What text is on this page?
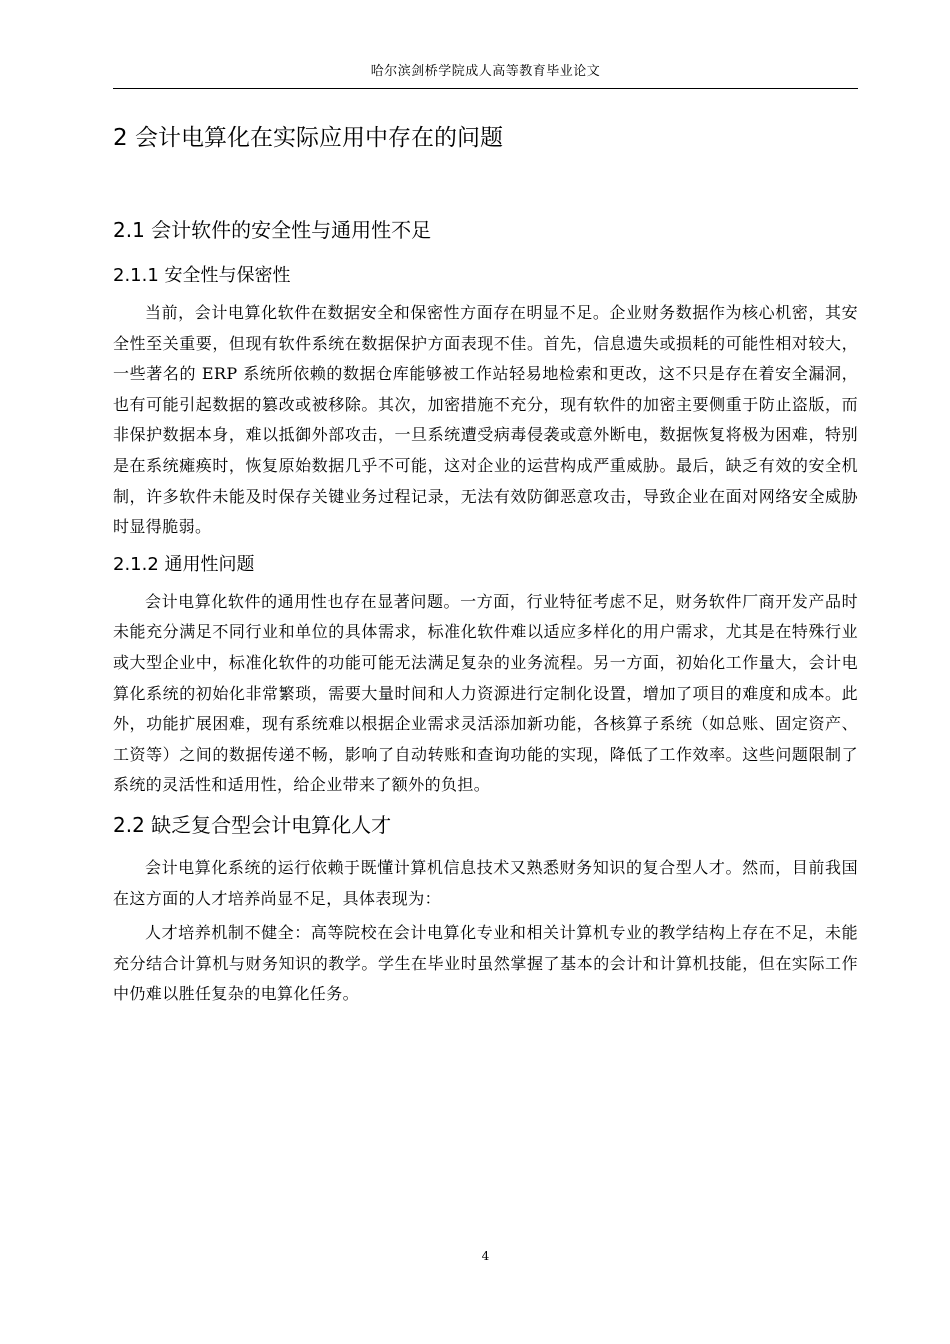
哈尔滨剑桥学院成人高等教育毕业论文
2 会计电算化在实际应用中存在的问题
2.1 会计软件的安全性与通用性不足
2.1.1 安全性与保密性

当前，会计电算化软件在数据安全和保密性方面存在明显不足。企业财务数据作为核心机密，其安全性至关重要，但现有软件系统在数据保护方面表现不佳。首先，信息遗失或损耗的可能性相对较大，一些著名的 ERP 系统所依赖的数据仓库能够被工作站轻易地检索和更改，这不只是存在着安全漏洞，也有可能引起数据的篡改或被移除。其次，加密措施不充分，现有软件的加密主要侧重于防止盗版，而非保护数据本身，难以抵御外部攻击，一旦系统遭受病毒侵袭或意外断电，数据恢复将极为困难，特别是在系统瘫痪时，恢复原始数据几乎不可能，这对企业的运营构成严重威胁。最后，缺乏有效的安全机制，许多软件未能及时保存关键业务过程记录，无法有效防御恶意攻击，导致企业在面对网络安全威胁时显得脆弱。

2.1.2 通用性问题

会计电算化软件的通用性也存在显著问题。一方面，行业特征考虑不足，财务软件厂商开发产品时未能充分满足不同行业和单位的具体需求，标准化软件难以适应多样化的用户需求，尤其是在特殊行业或大型企业中，标准化软件的功能可能无法满足复杂的业务流程。另一方面，初始化工作量大，会计电算化系统的初始化非常繁琐，需要大量时间和人力资源进行定制化设置，增加了项目的难度和成本。此外，功能扩展困难，现有系统难以根据企业需求灵活添加新功能，各核算子系统（如总账、固定资产、工资等）之间的数据传递不畅，影响了自动转账和查询功能的实现，降低了工作效率。这些问题限制了系统的灵活性和适用性，给企业带来了额外的负担。

2.2 缺乏复合型会计电算化人才

会计电算化系统的运行依赖于既懂计算机信息技术又熟悉财务知识的复合型人才。然而，目前我国在这方面的人才培养尚显不足，具体表现为：

人才培养机制不健全：高等院校在会计电算化专业和相关计算机专业的教学结构上存在不足，未能充分结合计算机与财务知识的教学。学生在毕业时虽然掌握了基本的会计和计算机技能，但在实际工作中仍难以胜任复杂的电算化任务。

4
